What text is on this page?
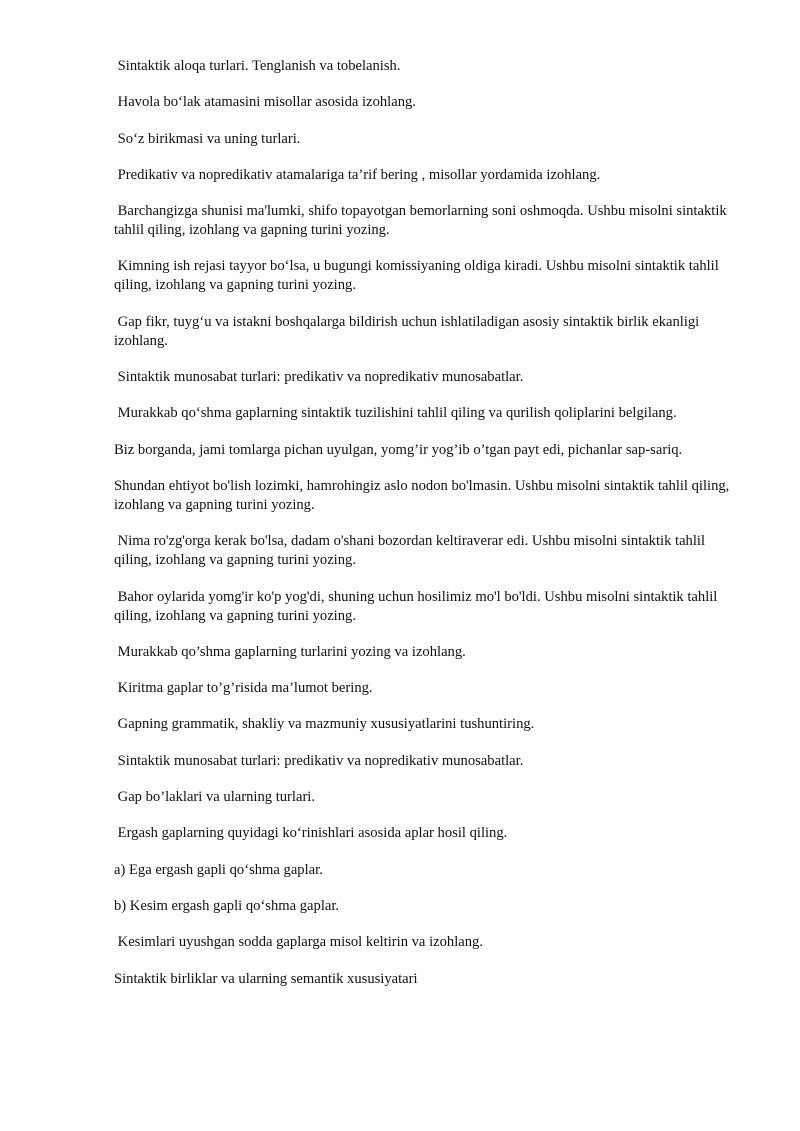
Sintaktik aloqa turlari. Tenglanish va tobelanish.

Havola bo‘lak atamasini misollar asosida izohlang.

So‘z birikmasi va uning turlari.

Predikativ va nopredikativ atamalariga ta’rif bering , misollar yordamida izohlang.

Barchangizga shunisi ma'lumki, shifo topayotgan bemorlarning soni oshmoqda. Ushbu misolni sintaktik tahlil qiling, izohlang va gapning turini yozing.

Kimning ish rejasi tayyor bo‘lsa, u bugungi komissiyaning oldiga kiradi. Ushbu misolni sintaktik tahlil qiling, izohlang va gapning turini yozing.

Gap fikr, tuyg‘u va istakni boshqalarga bildirish uchun ishlatiladigan asosiy sintaktik birlik ekanligi izohlang.

Sintaktik munosabat turlari: predikativ va nopredikativ munosabatlar.

Murakkab qo‘shma gaplarning sintaktik tuzilishini tahlil qiling va qurilish qoliplarini belgilang.

Biz borganda, jami tomlarga pichan uyulgan, yomg’ir yog’ib o’tgan payt edi, pichanlar sap-sariq.

Shundan ehtiyot bo'lish lozimki, hamrohingiz aslo nodon bo'lmasin. Ushbu misolni sintaktik tahlil qiling, izohlang va gapning turini yozing.

Nima ro'zg'orga kerak bo'lsa, dadam o'shani bozordan keltiraverar edi. Ushbu misolni sintaktik tahlil qiling, izohlang va gapning turini yozing.

Bahor oylarida yomg'ir ko'p yog'di, shuning uchun hosilimiz mo'l bo'ldi. Ushbu misolni sintaktik tahlil qiling, izohlang va gapning turini yozing.

Murakkab qo’shma gaplarning turlarini yozing va izohlang.

Kiritma gaplar to’g’risida ma’lumot bering.

Gapning grammatik, shakliy va mazmuniy xususiyatlarini tushuntiring.

Sintaktik munosabat turlari: predikativ va nopredikativ munosabatlar.

Gap bo’laklari va ularning turlari.

Ergash gaplarning quyidagi ko‘rinishlari asosida aplar hosil qiling.

a) Ega ergash gapli qo‘shma gaplar.

b) Kesim ergash gapli qo‘shma gaplar.

Kesimlari uyushgan sodda gaplarga misol keltirin va izohlang.

Sintaktik birliklar va ularning semantik xususiyatari
